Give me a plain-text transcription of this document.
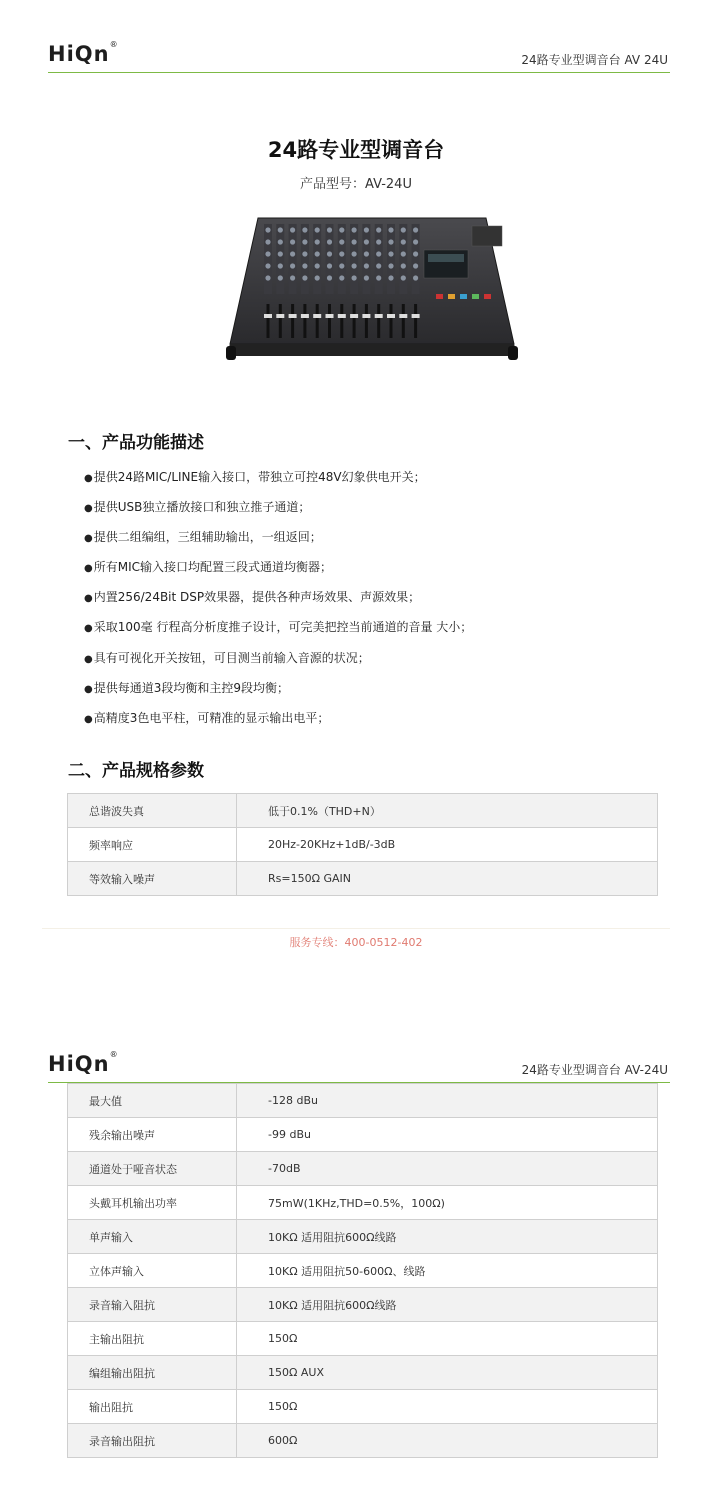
HiQn®
24路专业型调音台 AV 24U
24路专业型调音台
产品型号：AV-24U
一、产品功能描述
● 提供24路MIC/LINE输入接口，带独立可控48V幻象供电开关；
● 提供USB独立播放接口和独立推子通道；
● 提供二组编组，三组辅助输出，一组返回；
● 所有MIC输入接口均配置三段式通道均衡器；
● 内置256/24Bit DSP效果器，提供各种声场效果、声源效果；
● 采取100毫 行程高分析度推子设计，可完美把控当前通道的音量 大小；
● 具有可视化开关按钮，可目测当前输入音源的状况；
● 提供每通道3段均衡和主控9段均衡；
● 高精度3色电平柱，可精准的显示输出电平；
二、产品规格参数
总谐波失真	低于0.1%（THD+N）
频率响应	20Hz-20KHz+1dB/-3dB
等效输入噪声	Rs=150Ω GAIN
服务专线：400-0512-402
HiQn®
24路专业型调音台 AV-24U
最大值	-128 dBu
残余输出噪声	-99 dBu
通道处于哑音状态	-70dB
头戴耳机输出功率	75mW(1KHz,THD=0.5%，100Ω)
单声输入	10KΩ 适用阻抗600Ω线路
立体声输入	10KΩ 适用阻抗50-600Ω、线路
录音输入阻抗	10KΩ 适用阻抗600Ω线路
主输出阻抗	150Ω
编组输出阻抗	150Ω AUX
输出阻抗	150Ω
录音输出阻抗	600Ω
